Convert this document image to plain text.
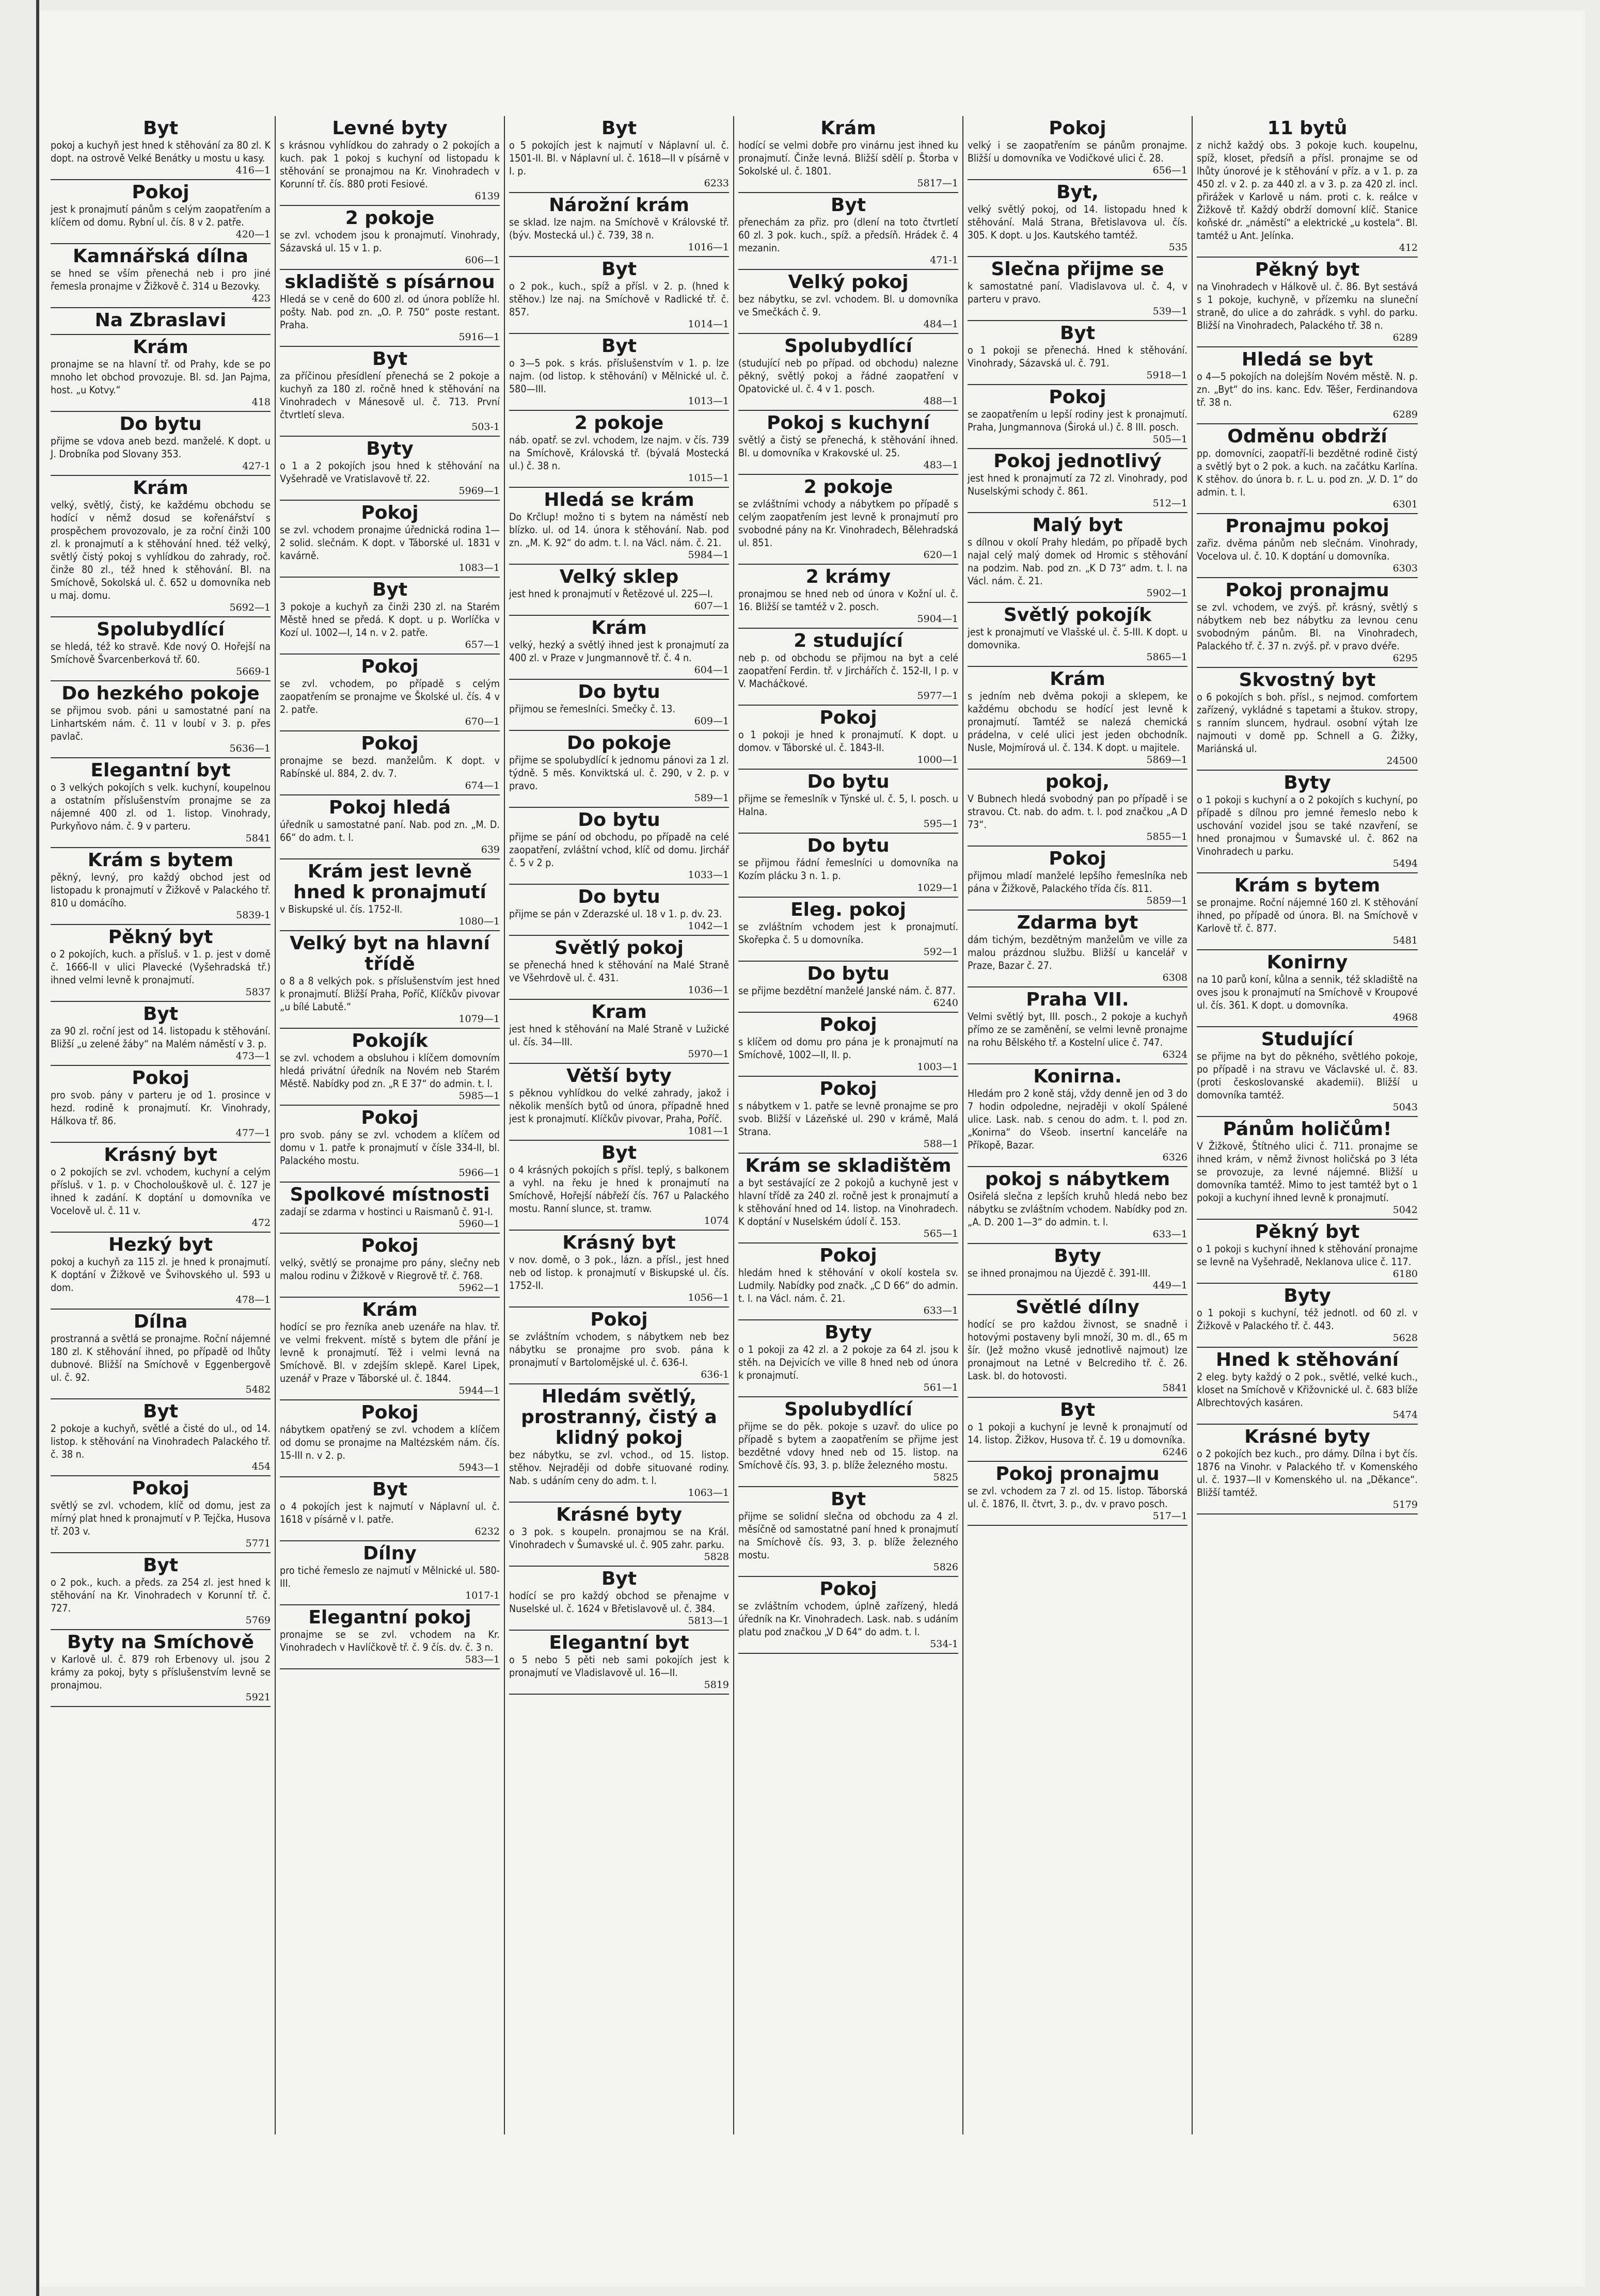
Byt

pokoj a kuchyň jest hned k stěhování za 80 zl. K dopt. na ostrově Velké Benátky u mostu u kasy.

416—1
Pokoj

jest k pronajmutí pánům s celým zaopatřením a klíčem od domu. Rybní ul. čís. 8 v 2. patře.

420—1
Kamnářská dílna

se hned se vším přenechá neb i pro jiné řemesla pronajme v Žižkově č. 314 u Bezovky.

423
Na Zbraslavi
Krám

pronajme se na hlavní tř. od Prahy, kde se po mnoho let obchod provozuje. Bl. sd. Jan Pajma, host. „u Kotvy.“

418
Do bytu

přijme se vdova aneb bezd. manželé. K dopt. u J. Drobníka pod Slovany 353.

427-1
Krám

velký, světlý, čistý, ke každému obchodu se hodící v němž dosud se kořenářství s prospěchem provozovalo, je za roční činži 100 zl. k pronajmutí a k stěhování hned. též velký, světlý čistý pokoj s vyhlídkou do zahrady, roč. činže 80 zl., též hned k stěhování. Bl. na Smíchově, Sokolská ul. č. 652 u domovníka neb u maj. domu.

5692—1
Spolubydlící

se hledá, též ko stravě. Kde nový O. Hořejší na Smíchově Švarcenberková tř. 60.

5669-1
Do hezkého pokoje

se přijmou svob. páni u samostatné paní na Linhartském nám. č. 11 v loubí v 3. p. přes pavlač.

5636—1
Elegantní byt

o 3 velkých pokojích s velk. kuchyní, koupelnou a ostatním příslušenstvím pronajme se za nájemné 400 zl. od 1. listop. Vinohrady, Purkyňovo nám. č. 9 v parteru.

5841
Krám s bytem

pěkný, levný, pro každý obchod jest od listopadu k pronajmutí v Žižkově v Palackého tř. 810 u domácího.

5839-1
Pěkný byt

o 2 pokojích, kuch. a přísluš. v 1. p. jest v domě č. 1666-II v ulici Plavecké (Vyšehradská tř.) ihned velmi levně k pronajmutí.

5837
Byt

za 90 zl. roční jest od 14. listopadu k stěhování. Bližší „u zelené žáby“ na Malém náměstí v 3. p.

473—1
Pokoj

pro svob. pány v parteru je od 1. prosince v hezd. rodině k pronajmutí. Kr. Vinohrady, Hálkova tř. 86.

477—1
Krásný byt

o 2 pokojích se zvl. vchodem, kuchyní a celým přísluš. v 1. p. v Chocholouškově ul. č. 127 je ihned k zadání. K doptání u domovníka ve Vocelově ul. č. 11 v.

472
Hezký byt

pokoj a kuchyň za 115 zl. je hned k pronajmutí. K doptání v Žižkově ve Švihovského ul. 593 u dom.

478—1
Dílna

prostranná a světlá se pronajme. Roční nájemné 180 zl. K stěhování ihned, po případě od lhůty dubnové. Bližší na Smíchově v Eggenbergově ul. č. 92.

5482
Byt

2 pokoje a kuchyň, světlé a čisté do ul., od 14. listop. k stěhování na Vinohradech Palackého tř. č. 38 n.

454
Pokoj

světlý se zvl. vchodem, klíč od domu, jest za mírný plat hned k pronajmutí v P. Tejčka, Husova tř. 203 v.

5771
Byt

o 2 pok., kuch. a předs. za 254 zl. jest hned k stěhování na Kr. Vinohradech v Korunní tř. č. 727.

5769
Byty na Smíchově

v Karlově ul. č. 879 roh Erbenovy ul. jsou 2 krámy za pokoj, byty s příslušenstvím levně se pronajmou.

5921
Levné byty

s krásnou vyhlídkou do zahrady o 2 pokojích a kuch. pak 1 pokoj s kuchyní od listopadu k stěhování se pronajmou na Kr. Vinohradech v Korunní tř. čís. 880 proti Fesiové.

6139
2 pokoje

se zvl. vchodem jsou k pronajmutí. Vinohrady, Sázavská ul. 15 v 1. p.

606—1
skladiště s písárnou

Hledá se v ceně do 600 zl. od února poblíže hl. pošty. Nab. pod zn. „O. P. 750“ poste restant. Praha.

5916—1
Byt

za příčinou přesídlení přenechá se 2 pokoje a kuchyň za 180 zl. ročně hned k stěhování na Vinohradech v Mánesově ul. č. 713. První čtvrtletí sleva.

503-1
Byty

o 1 a 2 pokojích jsou hned k stěhování na Vyšehradě ve Vratislavově tř. 22.

5969—1
Pokoj

se zvl. vchodem pronajme úřednická rodina 1—2 solid. slečnám. K dopt. v Táborské ul. 1831 v kavárně.

1083—1
Byt

3 pokoje a kuchyň za činži 230 zl. na Starém Městě hned se předá. K dopt. u p. Worlíčka v Kozí ul. 1002—I, 14 n. v 2. patře.

657—1
Pokoj

se zvl. vchodem, po případě s celým zaopatřením se pronajme ve Školské ul. čís. 4 v 2. patře.

670—1
Pokoj

pronajme se bezd. manželům. K dopt. v Rabínské ul. 884, 2. dv. 7.

674—1
Pokoj hledá

úředník u samostatné paní. Nab. pod zn. „M. D. 66“ do adm. t. l.

639
Krám jest levně hned k pronajmutí

v Biskupské ul. čís. 1752-II.

1080—1
Velký byt na hlavní třídě

o 8 a 8 velkých pok. s příslušenstvím jest hned k pronajmutí. Bližší Praha, Poříč, Klíčkův pivovar „u bílé Labutě.“

1079—1
Pokojík

se zvl. vchodem a obsluhou i klíčem domovním hledá privátní úředník na Novém neb Starém Městě. Nabídky pod zn. „R E 37“ do admin. t. l.

5985—1
Pokoj

pro svob. pány se zvl. vchodem a klíčem od domu v 1. patře k pronajmutí v čísle 334-II, bl. Palackého mostu.

5966—1
Spolkové místnosti

zadají se zdarma v hostinci u Raismanů č. 91-I.

5960—1
Pokoj

velký, světlý se pronajme pro pány, slečny neb malou rodinu v Žižkově v Riegrově tř. č. 768.

5962—1
Krám

hodící se pro řezníka aneb uzenáře na hlav. tř. ve velmi frekvent. místě s bytem dle přání je levně k pronajmutí. Též i velmi levná na Smíchově. Bl. v zdejším sklepě. Karel Lipek, uzenář v Praze v Táborské ul. č. 1844.

5944—1
Pokoj

nábytkem opatřený se zvl. vchodem a klíčem od domu se pronajme na Maltézském nám. čís. 15-III n. v 2. p.

5943—1
Byt

o 4 pokojích jest k najmutí v Náplavní ul. č. 1618 v písárně v I. patře.

6232
Dílny

pro tiché řemeslo ze najmutí v Mělnické ul. 580-III.

1017-1
Elegantní pokoj

pronajme se se zvl. vchodem na Kr. Vinohradech v Havlíčkově tř. č. 9 čís. dv. č. 3 n.

583—1
Byt

o 5 pokojích jest k najmutí v Náplavní ul. č. 1501-II. Bl. v Náplavní ul. č. 1618—II v písárně v I. p.

6233
Nárožní krám

se sklad. lze najm. na Smíchově v Královské tř. (býv. Mostecká ul.) č. 739, 38 n.

1016—1
Byt

o 2 pok., kuch., spíž a přísl. v 2. p. (hned k stěhov.) lze naj. na Smíchově v Radlické tř. č. 857.

1014—1
Byt

o 3—5 pok. s krás. příslušenstvím v 1. p. lze najm. (od listop. k stěhování) v Mělnické ul. č. 580—III.

1013—1
2 pokoje

náb. opatř. se zvl. vchodem, lze najm. v čís. 739 na Smíchově, Královská tř. (bývalá Mostecká ul.) č. 38 n.

1015—1
Hledá se krám

Do Krčlup! možno ti s bytem na náměstí neb blízko. ul. od 14. února k stěhování. Nab. pod zn. „M. K. 92“ do adm. t. l. na Václ. nám. č. 21.

5984—1
Velký sklep

jest hned k pronajmutí v Řetězové ul. 225—I.

607—1
Krám

velký, hezký a světlý ihned jest k pronajmutí za 400 zl. v Praze v Jungmannově tř. č. 4 n.

604—1
Do bytu

přijmou se řemeslníci. Smečky č. 13.

609—1
Do pokoje

přijme se spolubydlící k jednomu pánovi za 1 zl. týdně. 5 měs. Konviktská ul. č. 290, v 2. p. v pravo.

589—1
Do bytu

přijme se pání od obchodu, po případě na celé zaopatření, zvláštní vchod, klíč od domu. Jirchář č. 5 v 2 p.

1033—1
Do bytu

přijme se pán v Zderazské ul. 18 v 1. p. dv. 23.

1042—1
Světlý pokoj

se přenechá hned k stěhování na Malé Straně ve Všehrdově ul. č. 431.

1036—1
Kram

jest hned k stěhování na Malé Straně v Lužické ul. čís. 34—III.

5970—1
Větší byty

s pěknou vyhlídkou do velké zahrady, jakož i několik menších bytů od února, případně hned jest k pronajmutí. Klíčkův pivovar, Praha, Poříč.

1081—1
Byt

o 4 krásných pokojích s přísl. teplý, s balkonem a vyhl. na řeku je hned k pronajmutí na Smíchově, Hořejší nábřeží čís. 767 u Palackého mostu. Ranní slunce, st. tramw.

1074
Krásný byt

v nov. domě, o 3 pok., lázn. a přísl., jest hned neb od listop. k pronajmutí v Biskupské ul. čís. 1752-II.

1056—1
Pokoj

se zvláštním vchodem, s nábytkem neb bez nábytku se pronajme pro svob. pána k pronajmutí v Bartolomějské ul. č. 636-I.

636-1
Hledám světlý, prostranný, čistý a klidný pokoj

bez nábytku, se zvl. vchod., od 15. listop. stěhov. Nejraději od dobře situované rodiny. Nab. s udáním ceny do adm. t. l.

1063—1
Krásné byty

o 3 pok. s koupeln. pronajmou se na Král. Vinohradech v Šumavské ul. č. 905 zahr. parku.

5828
Byt

hodící se pro každý obchod se přenajme v Nuselské ul. č. 1624 v Břetislavově ul. č. 384.

5813—1
Elegantní byt

o 5 nebo 5 pěti neb sami pokojích jest k pronajmutí ve Vladislavově ul. 16—II.

5819
Krám

hodící se velmi dobře pro vinárnu jest ihned ku pronajmutí. Činže levná. Bližší sdělí p. Štorba v Sokolské ul. č. 1801.

5817—1
Byt

přenechám za přiz. pro (dlení na toto čtvrtletí 60 zl. 3 pok. kuch., spíž. a předsíň. Hrádek č. 4 mezanin.

471-1
Velký pokoj

bez nábytku, se zvl. vchodem. Bl. u domovníka ve Smečkách č. 9.

484—1
Spolubydlící

(studující neb po případ. od obchodu) nalezne pěkný, světlý pokoj a řádné zaopatření v Opatovické ul. č. 4 v 1. posch.

488—1
Pokoj s kuchyní

světlý a čistý se přenechá, k stěhování ihned. Bl. u domovníka v Krakovské ul. 25.

483—1
2 pokoje

se zvláštními vchody a nábytkem po případě s celým zaopatřením jest levně k pronajmutí pro svobodné pány na Kr. Vinohradech, Bělehradská ul. 851.

620—1
2 krámy

pronajmou se hned neb od února v Kožní ul. č. 16. Bližší se tamtéž v 2. posch.

5904—1
2 studující

neb p. od obchodu se přijmou na byt a celé zaopatření Ferdin. tř. v Jirchářích č. 152-II, I p. v V. Macháčkové.

5977—1
Pokoj

o 1 pokoji je hned k pronajmutí. K dopt. u domov. v Táborské ul. č. 1843-II.

1000—1
Do bytu

přijme se řemeslník v Týnské ul. č. 5, I. posch. u Halna.

595—1
Do bytu

se přijmou řádní řemeslníci u domovníka na Kozím plácku 3 n. 1. p.

1029—1
Eleg. pokoj

se zvláštním vchodem jest k pronajmutí. Skořepka č. 5 u domovníka.

592—1
Do bytu

se přijme bezdětní manželé Janské nám. č. 877.

6240
Pokoj

s klíčem od domu pro pána je k pronajmutí na Smíchově, 1002—II, II. p.

1003—1
Pokoj

s nábytkem v 1. patře se levně pronajme se pro svob. Bližší v Lázeňské ul. 290 v krámě, Malá Strana.

588—1
Krám se skladištěm

a byt sestávající ze 2 pokojů a kuchyně jest v hlavní třídě za 240 zl. ročně jest k pronajmutí a k stěhování hned od 14. listop. na Vinohradech. K doptání v Nuselském údolí č. 153.

565—1
Pokoj

hledám hned k stěhování v okolí kostela sv. Ludmily. Nabídky pod značk. „C D 66“ do admin. t. l. na Václ. nám. č. 21.

633—1
Byty

o 1 pokoji za 42 zl. a 2 pokoje za 64 zl. jsou k stěh. na Dejvicích ve ville 8 hned neb od února k pronajmutí.

561—1
Spolubydlící

přijme se do pěk. pokoje s uzavř. do ulice po případě s bytem a zaopatřením se přijme jest bezdětné vdovy hned neb od 15. listop. na Smíchově čís. 93, 3. p. blíže železného mostu.

5825
Byt

přijme se solidní slečna od obchodu za 4 zl. měsíčně od samostatné paní hned k pronajmutí na Smíchově čís. 93, 3. p. blíže železného mostu.

5826
Pokoj

se zvláštním vchodem, úplně zařízený, hledá úředník na Kr. Vinohradech. Lask. nab. s udáním platu pod značkou „V D 64“ do adm. t. l.

534-1
Pokoj

velký i se zaopatřením se pánům pronajme. Bližší u domovníka ve Vodičkové ulici č. 28.

656—1
Byt,

velký světlý pokoj, od 14. listopadu hned k stěhování. Malá Strana, Břetislavova ul. čís. 305. K dopt. u Jos. Kautského tamtéž.

535
Slečna přijme se

k samostatné paní. Vladislavova ul. č. 4, v parteru v pravo.

539—1
Byt

o 1 pokoji se přenechá. Hned k stěhování. Vinohrady, Sázavská ul. č. 791.

5918—1
Pokoj

se zaopatřením u lepší rodiny jest k pronajmutí. Praha, Jungmannova (Široká ul.) č. 8 III. posch.

505—1
Pokoj jednotlivý

jest hned k pronajmutí za 72 zl. Vinohrady, pod Nuselskými schody č. 861.

512—1
Malý byt

s dílnou v okolí Prahy hledám, po případě bych najal celý malý domek od Hromic s stěhování na podzim. Nab. pod zn. „K D 73“ adm. t. l. na Václ. nám. č. 21.

5902—1
Světlý pokojík

jest k pronajmutí ve Vlašské ul. č. 5-III. K dopt. u domovnika.

5865—1
Krám

s jedním neb dvěma pokoji a sklepem, ke každému obchodu se hodící jest levně k pronajmutí. Tamtéž se nalezá chemická prádelna, v celé ulici jest jeden obchodník. Nusle, Mojmírová ul. č. 134. K dopt. u majitele.

5869—1
pokoj,

V Bubnech hledá svobodný pan po případě i se stravou. Ct. nab. do adm. t. l. pod značkou „A D 73“.

5855—1
Pokoj

přijmou mladí manželé lepšího řemeslníka neb pána v Žižkově, Palackého třída čís. 811.

5859—1
Zdarma byt

dám tichým, bezdětným manželům ve ville za malou prázdnou službu. Bližší u kancelář v Praze, Bazar č. 27.

6308
Praha VII.

Velmi světlý byt, III. posch., 2 pokoje a kuchyň přímo ze se zaměnění, se velmi levně pronajme na rohu Bělského tř. a Kostelní ulice č. 747.

6324
Konirna.

Hledám pro 2 koně stáj, vždy denně jen od 3 do 7 hodin odpoledne, nejraději v okolí Spálené ulice. Lask. nab. s cenou do adm. t. l. pod zn. „Konirna“ do Všeob. insertní kanceláře na Příkopě, Bazar.

6326
pokoj s nábytkem

Osiřelá slečna z lepších kruhů hledá nebo bez nábytku se zvláštním vchodem. Nabídky pod zn. „A. D. 200 1—3“ do admin. t. l.

633—1
Byty

se ihned pronajmou na Újezdě č. 391-III.

449—1
Světlé dílny

hodící se pro každou živnost, se snadně i hotovými postaveny byli množí, 30 m. dl., 65 m šír. (Jež možno vkusě jednotlivě najmout) lze pronajmout na Letné v Belcrediho tř. č. 26. Lask. bl. do hotovosti.

5841
Byt

o 1 pokoji a kuchyní je levně k pronajmutí od 14. listop. Žižkov, Husova tř. č. 19 u domovníka.

6246
Pokoj pronajmu

se zvl. vchodem za 7 zl. od 15. listop. Táborská ul. č. 1876, II. čtvrt, 3. p., dv. v pravo posch.

517—1
11 bytů

z nichž každý obs. 3 pokoje kuch. koupelnu, spíž, kloset, předsíň a přísl. pronajme se od lhůty únorové je k stěhování v příz. a v 1. p. za 450 zl. v 2. p. za 440 zl. a v 3. p. za 420 zl. incl. přirážek v Karlově u nám. proti c. k. reálce v Žižkově tř. Každý obdrží domovní klíč. Stanice koňské dr. „náměstí“ a elektrické „u kostela“. Bl. tamtéž u Ant. Jelínka.

412
Pěkný byt

na Vinohradech v Hálkově ul. č. 86. Byt sestává s 1 pokoje, kuchyně, v přízemku na sluneční straně, do ulice a do zahrádk. s vyhl. do parku. Bližší na Vinohradech, Palackého tř. 38 n.

6289
Hledá se byt

o 4—5 pokojích na dolejším Novém městě. N. p. zn. „Byt“ do ins. kanc. Edv. Těšer, Ferdinandova tř. 38 n.

6289
Odměnu obdrží

pp. domovníci, zaopatří-li bezdětné rodině čistý a světlý byt o 2 pok. a kuch. na začátku Karlína. K stěhov. do února b. r. L. u. pod zn. „V. D. 1“ do admin. t. l.

6301
Pronajmu pokoj

zařiz. dvěma pánům neb slečnám. Vinohrady, Vocelova ul. č. 10. K doptání u domovníka.

6303
Pokoj pronajmu

se zvl. vchodem, ve zvýš. př. krásný, světlý s nábytkem neb bez nábytku za levnou cenu svobodným pánům. Bl. na Vinohradech, Palackého tř. č. 37 n. zvýš. př. v pravo dvéře.

6295
Skvostný byt

o 6 pokojích s boh. přísl., s nejmod. comfortem zařízený, vykládné s tapetami a štukov. stropy, s ranním sluncem, hydraul. osobní výtah lze najmouti v domě pp. Schnell a G. Žižky, Mariánská ul.

24500
Byty

o 1 pokoji s kuchyní a o 2 pokojích s kuchyní, po případě s dílnou pro jemné řemeslo nebo k uschování vozidel jsou se také nzavření, se hned pronajmou v Šumavské ul. č. 862 na Vinohradech u parku.

5494
Krám s bytem

se pronajme. Roční nájemné 160 zl. K stěhování ihned, po případě od února. Bl. na Smíchově v Karlově tř. č. 877.

5481
Konirny

na 10 parů koní, kůlna a sennik, též skladiště na oves jsou k pronajmutí na Smíchově v Kroupové ul. čís. 361. K dopt. u domovníka.

4968
Studující

se přijme na byt do pěkného, světlého pokoje, po případě i na stravu ve Václavské ul. č. 83. (proti českoslovanské akademii). Bližší u domovníka tamtéž.

5043
Pánům holičům!

V Žižkově, Štítného ulici č. 711. pronajme se ihned krám, v němž živnost holičská po 3 léta se provozuje, za levné nájemné. Bližší u domovníka tamtéž. Mimo to jest tamtéž byt o 1 pokoji a kuchyní ihned levně k pronajmutí.

5042
Pěkný byt

o 1 pokoji s kuchyní ihned k stěhování pronajme se levně na Vyšehradě, Neklanova ulice č. 117.

6180
Byty

o 1 pokoji s kuchyní, též jednotl. od 60 zl. v Žižkově v Palackého tř. č. 443.

5628
Hned k stěhování

2 eleg. byty každý o 2 pok., světlé, velké kuch., kloset na Smíchově v Křižovnické ul. č. 683 blíže Albrechtových kasáren.

5474
Krásné byty

o 2 pokojích bez kuch., pro dámy. Dílna i byt čís. 1876 na Vinohr. v Palackého tř. v Komenského ul. č. 1937—II v Komenského ul. na „Děkance“. Bližší tamtéž.

5179
